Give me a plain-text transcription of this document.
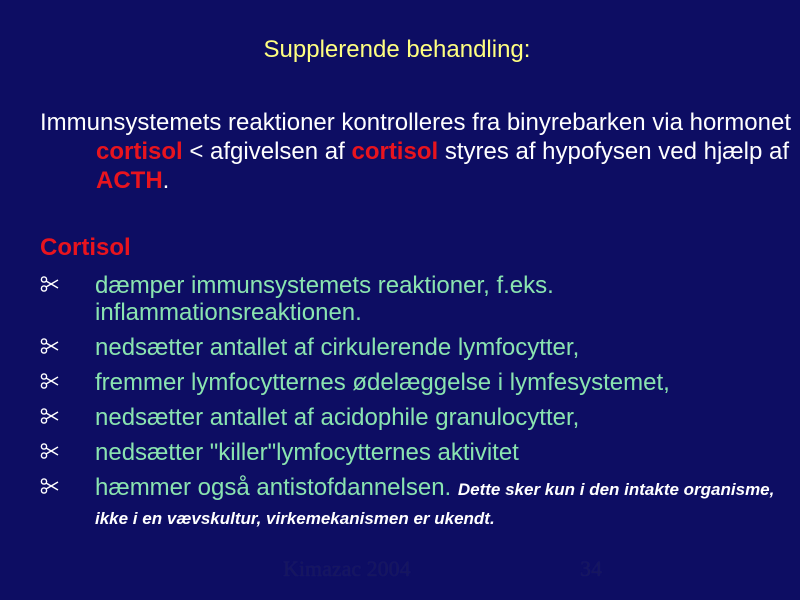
Supplerende behandling:
Immunsystemets reaktioner kontrolleres fra binyrebarken via hormonet cortisol < afgivelsen af cortisol styres af hypofysen ved hjælp af ACTH.
Cortisol
dæmper immunsystemets reaktioner, f.eks. inflammationsreaktionen.
nedsætter antallet af cirkulerende lymfocytter,
fremmer lymfocytternes ødelæggelse i lymfesystemet,
nedsætter antallet af acidophile granulocytter,
nedsætter "killer"lymfocytternes aktivitet
hæmmer også antistofdannelsen. Dette sker kun i den intakte organisme, ikke i en vævskultur, virkemekanismen er ukendt.
Kimazac 2004	34
